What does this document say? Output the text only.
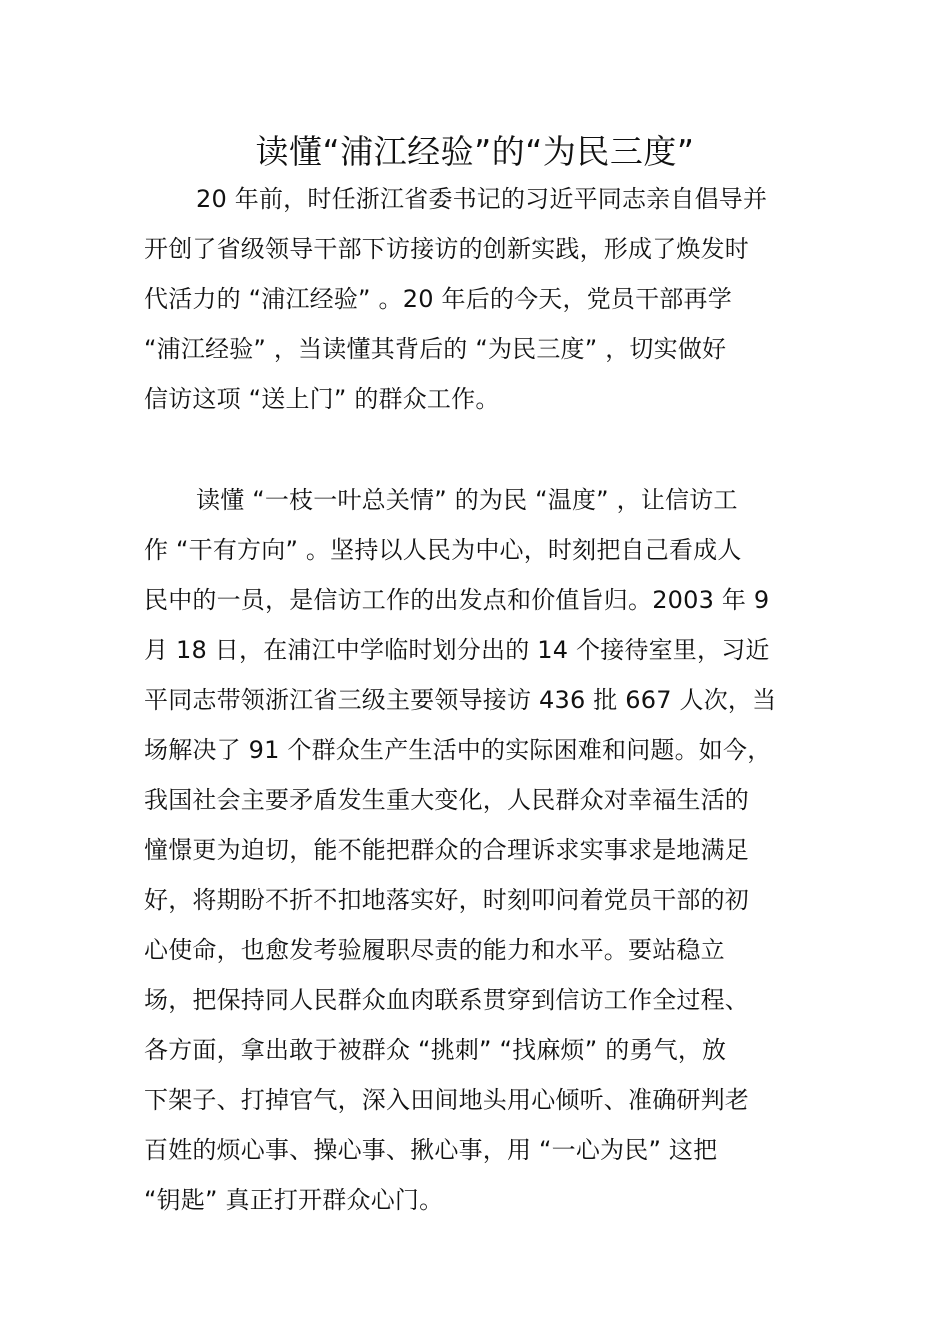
读懂“浦江经验”的“为民三度”

20 年前，时任浙江省委书记的习近平同志亲自倡导并
开创了省级领导干部下访接访的创新实践，形成了焕发时
代活力的 “浦江经验” 。20 年后的今天，党员干部再学
“浦江经验” ，当读懂其背后的 “为民三度” ，切实做好
信访这项 “送上门” 的群众工作。

读懂 “一枝一叶总关情” 的为民 “温度” ，让信访工
作 “干有方向” 。坚持以人民为中心，时刻把自己看成人
民中的一员，是信访工作的出发点和价值旨归。2003 年 9
月 18 日，在浦江中学临时划分出的 14 个接待室里，习近
平同志带领浙江省三级主要领导接访 436 批 667 人次，当
场解决了 91 个群众生产生活中的实际困难和问题。如今，
我国社会主要矛盾发生重大变化，人民群众对幸福生活的
憧憬更为迫切，能不能把群众的合理诉求实事求是地满足
好，将期盼不折不扣地落实好，时刻叩问着党员干部的初
心使命，也愈发考验履职尽责的能力和水平。要站稳立
场，把保持同人民群众血肉联系贯穿到信访工作全过程、
各方面，拿出敢于被群众 “挑刺” “找麻烦” 的勇气，放
下架子、打掉官气，深入田间地头用心倾听、准确研判老
百姓的烦心事、操心事、揪心事，用 “一心为民” 这把
“钥匙” 真正打开群众心门。
